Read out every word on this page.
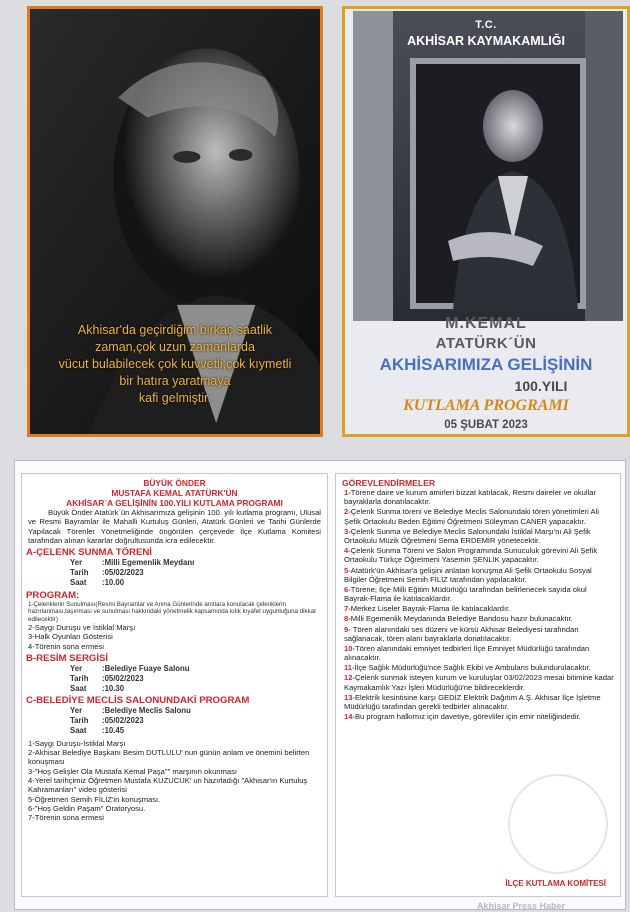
Akhisar'da geçirdiğim birkaç saatlik
zaman,çok uzun zamanlarda
vücut bulabilecek çok kuvvetli,çok kıymetli
bir hatıra yaratmaya
kafi gelmiştir.
T.C.
AKHİSAR KAYMAKAMLIĞI
M.KEMAL
ATATÜRK´ÜN
AKHİSARIMIZA GELİŞİNİN
100.YILI
KUTLAMA PROGRAMI
05 ŞUBAT 2023
BÜYÜK ÖNDER
MUSTAFA KEMAL ATATÜRK'ÜN
AKHİSAR´A GELİŞİNİN 100.YILI KUTLAMA PROGRAMI

Büyük Önder Atatürk´ün Akhisarımıza gelişinin 100. yılı kutlama programı, Ulusal ve Resmi Bayramlar ile Mahalli Kurtuluş Günleri, Atatürk Günleri ve Tarihi Günlerde Yapılacak Törenler Yönetmeliğinde öngörülen çerçevede İlçe Kutlama Komitesi tarafından alınan kararlar doğrultusunda icra edilecektir.

A-ÇELENK SUNMA TÖRENİ
Yer	:Milli Egemenlik Meydanı
Tarih	:05/02/2023
Saat	:10.00
PROGRAM:
1-Çelenklerin Sunulması(Resmi Bayramlar ve Anma Günlerinde anıtlara konulacak çelenklerin hazırlanması,taşınması ve sunulması hakkındaki yönetmelik kapsamında kılık kıyafet uygunluğuna dikkat edilecektir)
2-Saygı Duruşu ve İstiklal Marşı
3-Halk Oyunları Gösterisi
4-Törenin sona ermesi
B-RESİM SERGİSİ
Yer	:Belediye Fuaye Salonu
Tarih	:05/02/2023
Saat	:10.30
C-BELEDİYE MECLİS SALONUNDAKİ PROGRAM
Yer	:Belediye Meclis Salonu
Tarih	:05/02/2023
Saat	:10.45
1-Saygı Duruşu-İstiklal Marşı
2-Akhisar Belediye Başkanı Besim DUTLULU' nun günün anlam ve önemini belirten konuşması
3-"Hoş Gelişler Ola Mustafa Kemal Paşa"" marşının okunması
4-Yerel tarihçimiz Öğretmen Mustafa KUZUCUK' un hazırladığı "Akhisar'ın Kurtuluş Kahramanları" video gösterisi
5-Öğretmen Semih FİLİZ'in konuşması.
6-"Hoş Geldin Paşam" Oratoryosu.
7-Törenin sona ermesi
GÖREVLENDİRMELER

1-Törene daire ve kurum amirleri bizzat katılacak, Resmi daireler ve okullar bayraklarla donatılacaktır.

2-Çelenk Sunma töreni ve Belediye Meclis Salonundaki tören yönetimleri Ali Şefik Ortaokulu Beden Eğitimi Öğretmeni Süleyman CANER yapacaktır.

3-Çelenk Sunma ve Belediye Meclis Salonundaki İstiklal Marşı'nı Ali Şefik Ortaokulu Müzik Öğretmeni Sema ERDEMİR yönetecektir.

4-Çelenk Sunma Töreni ve Salon Programında Sunuculuk görevini Ali Şefik Ortaokulu Türkçe Öğretmeni Yasemin ŞENLİK yapacaktır.

5-Atatürk'ün Akhisar'a gelişini anlatan konuşma Ali Şefik Ortaokulu Sosyal Bilgiler Öğretmeni Semih FİLİZ tarafından yapılacaktır.

6-Törene; İlçe Milli Eğitim Müdürlüğü tarafından belirlenecek sayıda okul Bayrak-Flama ile katılacaklardır.

7-Merkez Liseler Bayrak-Flama ile katılacaklardır.

8-Milli Egemenlik Meydanında Belediye Bandosu hazır bulunacaktır.

9- Tören alanındaki ses düzeni ve kürsü Akhisar Belediyesi tarafından sağlanacak, tören alanı bayraklarla donatılacaktır.

10-Tören alanındaki emniyet tedbirleri İlçe Emniyet Müdürlüğü tarafından alınacaktır.

11-İlçe Sağlık Müdürlüğü'nce Sağlık Ekibi ve Ambulans bulundurulacaktır.

12-Çelenk sunmak isteyen kurum ve kuruluşlar 03/02/2023 mesai bitimine kadar Kaymakamlık Yazı İşleri Müdürlüğü'ne bildireceklerdir.

13-Elektrik kesintisine karşı GEDİZ Elektrik Dağıtım A.Ş. Akhisar İlçe İşletme Müdürlüğü tarafından gerekli tedbirler alınacaktır.

14-Bu program halkımız için davetiye, görevliler için emir niteliğindedir.

İLÇE KUTLAMA KOMİTESİ
Akhisar Press Haber
